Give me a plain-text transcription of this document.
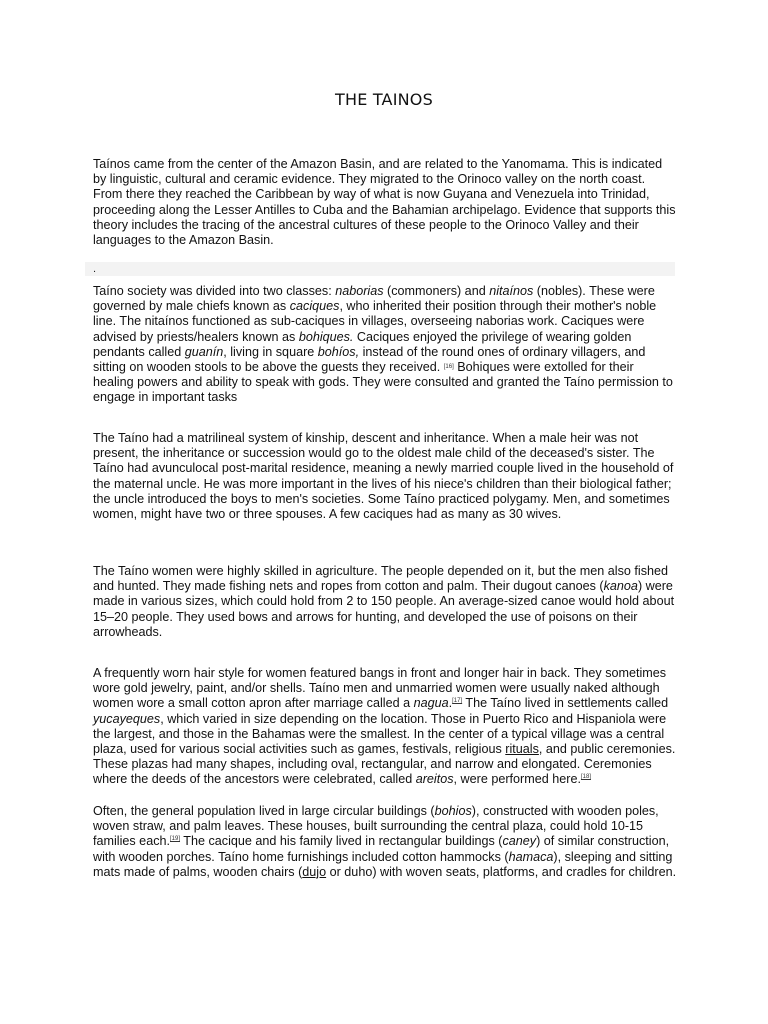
THE TAINOS
Taínos came from the center of the Amazon Basin, and are related to the Yanomama. This is indicated by linguistic, cultural and ceramic evidence. They migrated to the Orinoco valley on the north coast. From there they reached the Caribbean by way of what is now Guyana and Venezuela into Trinidad, proceeding along the Lesser Antilles to Cuba and the Bahamian archipelago. Evidence that supports this theory includes the tracing of the ancestral cultures of these people to the Orinoco Valley and their languages to the Amazon Basin.
.
Taíno society was divided into two classes: naborias (commoners) and nitaínos (nobles). These were governed by male chiefs known as caciques, who inherited their position through their mother's noble line. The nitaínos functioned as sub-caciques in villages, overseeing naborias work. Caciques were advised by priests/healers known as bohiques. Caciques enjoyed the privilege of wearing golden pendants called guanín, living in square bohíos, instead of the round ones of ordinary villagers, and sitting on wooden stools to be above the guests they received. [16] Bohiques were extolled for their healing powers and ability to speak with gods. They were consulted and granted the Taíno permission to engage in important tasks
The Taíno had a matrilineal system of kinship, descent and inheritance. When a male heir was not present, the inheritance or succession would go to the oldest male child of the deceased's sister. The Taíno had avunculocal post-marital residence, meaning a newly married couple lived in the household of the maternal uncle. He was more important in the lives of his niece's children than their biological father; the uncle introduced the boys to men's societies. Some Taíno practiced polygamy. Men, and sometimes women, might have two or three spouses. A few caciques had as many as 30 wives.
The Taíno women were highly skilled in agriculture. The people depended on it, but the men also fished and hunted. They made fishing nets and ropes from cotton and palm. Their dugout canoes (kanoa) were made in various sizes, which could hold from 2 to 150 people. An average-sized canoe would hold about 15–20 people. They used bows and arrows for hunting, and developed the use of poisons on their arrowheads.
A frequently worn hair style for women featured bangs in front and longer hair in back. They sometimes wore gold jewelry, paint, and/or shells. Taíno men and unmarried women were usually naked although women wore a small cotton apron after marriage called a nagua.[17] The Taíno lived in settlements called yucayeques, which varied in size depending on the location. Those in Puerto Rico and Hispaniola were the largest, and those in the Bahamas were the smallest. In the center of a typical village was a central plaza, used for various social activities such as games, festivals, religious rituals, and public ceremonies. These plazas had many shapes, including oval, rectangular, and narrow and elongated. Ceremonies where the deeds of the ancestors were celebrated, called areitos, were performed here.[18]
Often, the general population lived in large circular buildings (bohios), constructed with wooden poles, woven straw, and palm leaves. These houses, built surrounding the central plaza, could hold 10-15 families each.[19] The cacique and his family lived in rectangular buildings (caney) of similar construction, with wooden porches. Taíno home furnishings included cotton hammocks (hamaca), sleeping and sitting mats made of palms, wooden chairs (dujo or duho) with woven seats, platforms, and cradles for children.
